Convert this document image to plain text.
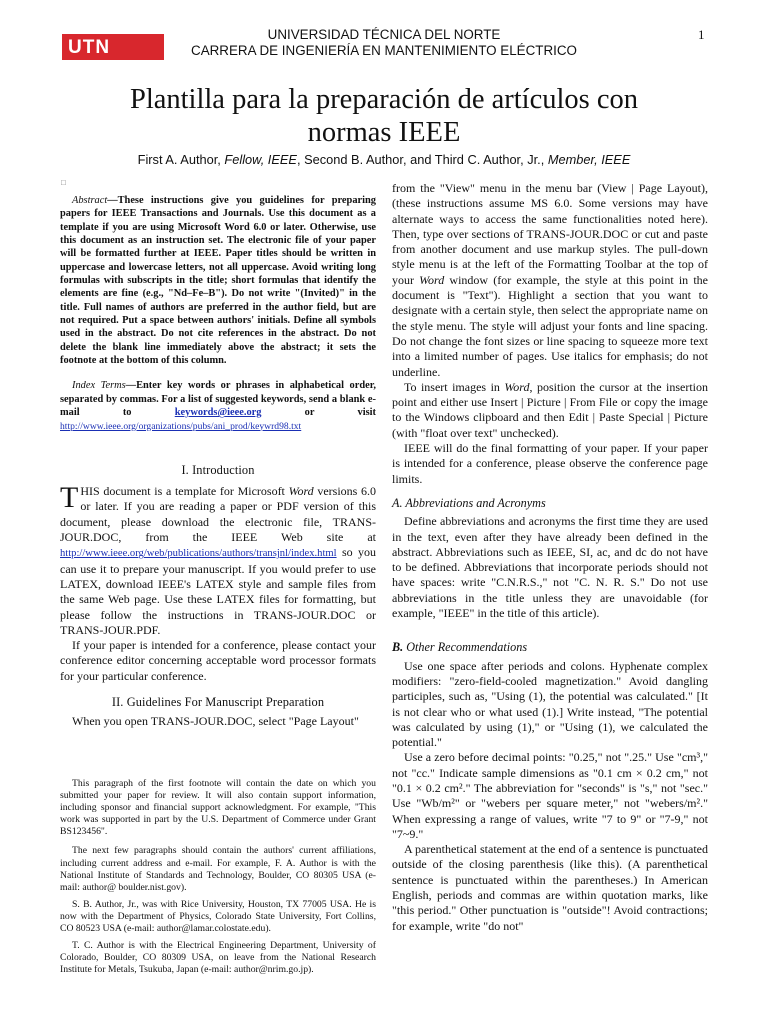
UTN
UNIVERSIDAD TÉCNICA DEL NORTE
CARRERA DE INGENIERÍA EN MANTENIMIENTO ELÉCTRICO
1
Plantilla para la preparación de artículos con
normas IEEE
First A. Author, Fellow, IEEE, Second B. Author, and Third C. Author, Jr., Member, IEEE
□

Abstract—These instructions give you guidelines for preparing papers for IEEE Transactions and Journals. Use this document as a template if you are using Microsoft Word 6.0 or later. Otherwise, use this document as an instruction set. The electronic file of your paper will be formatted further at IEEE. Paper titles should be written in uppercase and lowercase letters, not all uppercase. Avoid writing long formulas with subscripts in the title; short formulas that identify the elements are fine (e.g., "Nd–Fe–B"). Do not write "(Invited)" in the title. Full names of authors are preferred in the author field, but are not required. Put a space between authors' initials. Define all symbols used in the abstract. Do not cite references in the abstract. Do not delete the blank line immediately above the abstract; it sets the footnote at the bottom of this column.

Index Terms—Enter key words or phrases in alphabetical order, separated by commas. For a list of suggested keywords, send a blank e-mail to keywords@ieee.org or visit http://www.ieee.org/organizations/pubs/ani_prod/keywrd98.txt

I. Introduction

THIS document is a template for Microsoft Word versions 6.0 or later. If you are reading a paper or PDF version of this document, please download the electronic file, TRANS-JOUR.DOC, from the IEEE Web site at http://www.ieee.org/web/publications/authors/transjnl/index.html so you can use it to prepare your manuscript. If you would prefer to use LATEX, download IEEE's LATEX style and sample files from the same Web page. Use these LATEX files for formatting, but please follow the instructions in TRANS-JOUR.DOC or TRANS-JOUR.PDF.

If your paper is intended for a conference, please contact your conference editor concerning acceptable word processor formats for your particular conference.

II. Guidelines For Manuscript Preparation

When you open TRANS-JOUR.DOC, select "Page Layout"

This paragraph of the first footnote will contain the date on which you submitted your paper for review. It will also contain support information, including sponsor and financial support acknowledgment. For example, "This work was supported in part by the U.S. Department of Commerce under Grant BS123456".

The next few paragraphs should contain the authors' current affiliations, including current address and e-mail. For example, F. A. Author is with the National Institute of Standards and Technology, Boulder, CO 80305 USA (e-mail: author@ boulder.nist.gov).

S. B. Author, Jr., was with Rice University, Houston, TX 77005 USA. He is now with the Department of Physics, Colorado State University, Fort Collins, CO 80523 USA (e-mail: author@lamar.colostate.edu).

T. C. Author is with the Electrical Engineering Department, University of Colorado, Boulder, CO 80309 USA, on leave from the National Research Institute for Metals, Tsukuba, Japan (e-mail: author@nrim.go.jp).

from the "View" menu in the menu bar (View | Page Layout), (these instructions assume MS 6.0. Some versions may have alternate ways to access the same functionalities noted here). Then, type over sections of TRANS-JOUR.DOC or cut and paste from another document and use markup styles. The pull-down style menu is at the left of the Formatting Toolbar at the top of your Word window (for example, the style at this point in the document is "Text"). Highlight a section that you want to designate with a certain style, then select the appropriate name on the style menu. The style will adjust your fonts and line spacing. Do not change the font sizes or line spacing to squeeze more text into a limited number of pages. Use italics for emphasis; do not underline.

To insert images in Word, position the cursor at the insertion point and either use Insert | Picture | From File or copy the image to the Windows clipboard and then Edit | Paste Special | Picture (with "float over text" unchecked).

IEEE will do the final formatting of your paper. If your paper is intended for a conference, please observe the conference page limits.

A. Abbreviations and Acronyms

Define abbreviations and acronyms the first time they are used in the text, even after they have already been defined in the abstract. Abbreviations such as IEEE, SI, ac, and dc do not have to be defined. Abbreviations that incorporate periods should not have spaces: write "C.N.R.S.," not "C. N. R. S." Do not use abbreviations in the title unless they are unavoidable (for example, "IEEE" in the title of this article).

B. Other Recommendations

Use one space after periods and colons. Hyphenate complex modifiers: "zero-field-cooled magnetization." Avoid dangling participles, such as, "Using (1), the potential was calculated." [It is not clear who or what used (1).] Write instead, "The potential was calculated by using (1)," or "Using (1), we calculated the potential."

Use a zero before decimal points: "0.25," not ".25." Use "cm³," not "cc." Indicate sample dimensions as "0.1 cm × 0.2 cm," not "0.1 × 0.2 cm²." The abbreviation for "seconds" is "s," not "sec." Use "Wb/m²" or "webers per square meter," not "webers/m²." When expressing a range of values, write "7 to 9" or "7-9," not "7~9."

A parenthetical statement at the end of a sentence is punctuated outside of the closing parenthesis (like this). (A parenthetical sentence is punctuated within the parentheses.) In American English, periods and commas are within quotation marks, like "this period." Other punctuation is "outside"! Avoid contractions; for example, write "do not"
